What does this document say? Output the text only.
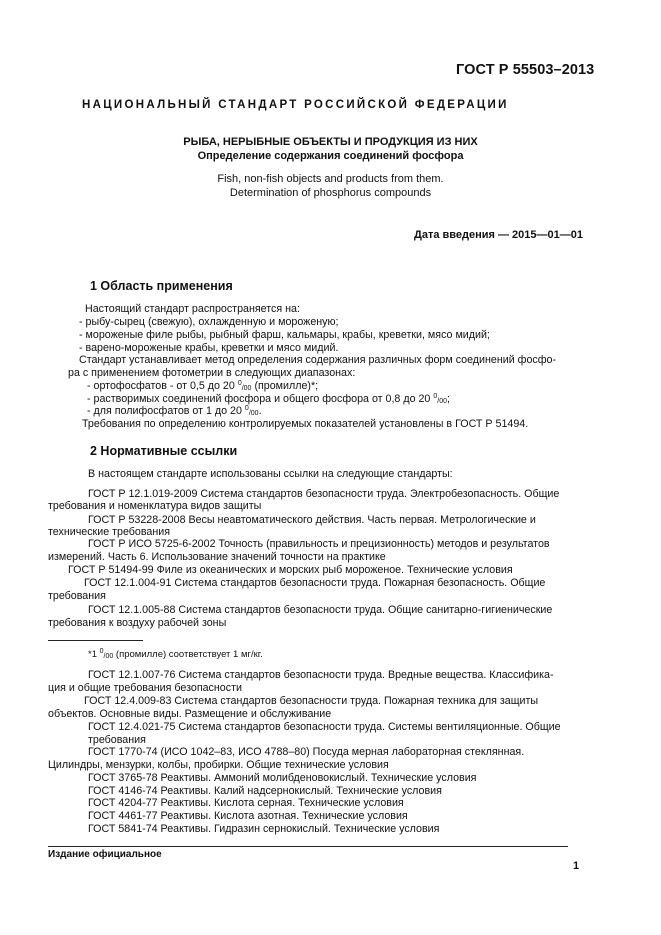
ГОСТ Р 55503–2013
НАЦИОНАЛЬНЫЙ СТАНДАРТ РОССИЙСКОЙ ФЕДЕРАЦИИ
РЫБА, НЕРЫБНЫЕ ОБЪЕКТЫ И ПРОДУКЦИЯ ИЗ НИХ
Определение содержания соединений фосфора
Fish, non-fish objects and products from them.
Determination of phosphorus compounds
Дата введения — 2015—01—01
1 Область применения
Настоящий стандарт распространяется на:
- рыбу-сырец (свежую), охлажденную и мороженую;
- мороженые филе рыбы, рыбный фарш, кальмары, крабы, креветки, мясо мидий;
- варено-мороженые крабы, креветки и мясо мидий.
Стандарт устанавливает метод определения содержания различных форм соединений фосфо-
ра с применением фотометрии в следующих диапазонах:
- ортофосфатов - от 0,5 до 20 $^0$/00 (промилле)*;
- растворимых соединений фосфора и общего фосфора от 0,8 до 20 $^0$/00;
- для полифосфатов от 1 до 20 $^0$/00.
Требования по определению контролируемых показателей установлены в ГОСТ Р 51494.
2 Нормативные ссылки
В настоящем стандарте использованы ссылки на следующие стандарты:
ГОСТ Р 12.1.019-2009 Система стандартов безопасности труда. Электробезопасность. Общие
требования и номенклатура видов защиты
ГОСТ Р 53228-2008 Весы неавтоматического действия. Часть первая. Метрологические и
технические требования
ГОСТ Р ИСО 5725-6-2002 Точность (правильность и прецизионность) методов и результатов
измерений. Часть 6. Использование значений точности на практике
ГОСТ Р 51494-99 Филе из океанических и морских рыб мороженое. Технические условия
ГОСТ 12.1.004-91 Система стандартов безопасности труда. Пожарная безопасность. Общие
требования
ГОСТ 12.1.005-88 Система стандартов безопасности труда. Общие санитарно-гигиенические
требования к воздуху рабочей зоны
*1 $^0$/00 (промилле) соответствует 1 мг/кг.
ГОСТ 12.1.007-76 Система стандартов безопасности труда. Вредные вещества. Классифика-
ция и общие требования безопасности
ГОСТ 12.4.009-83 Система стандартов безопасности труда. Пожарная техника для защиты
объектов. Основные виды. Размещение и обслуживание
ГОСТ 12.4.021-75 Система стандартов безопасности труда. Системы вентиляционные. Общие
требования
ГОСТ 1770-74 (ИСО 1042–83, ИСО 4788–80) Посуда мерная лабораторная стеклянная.
Цилиндры, мензурки, колбы, пробирки. Общие технические условия
ГОСТ 3765-78 Реактивы. Аммоний молибденовокислый. Технические условия
ГОСТ 4146-74 Реактивы. Калий надсернокислый. Технические условия
ГОСТ 4204-77 Реактивы. Кислота серная. Технические условия
ГОСТ 4461-77 Реактивы. Кислота азотная. Технические условия
ГОСТ 5841-74 Реактивы. Гидразин сернокислый. Технические условия
Издание официальное
1
